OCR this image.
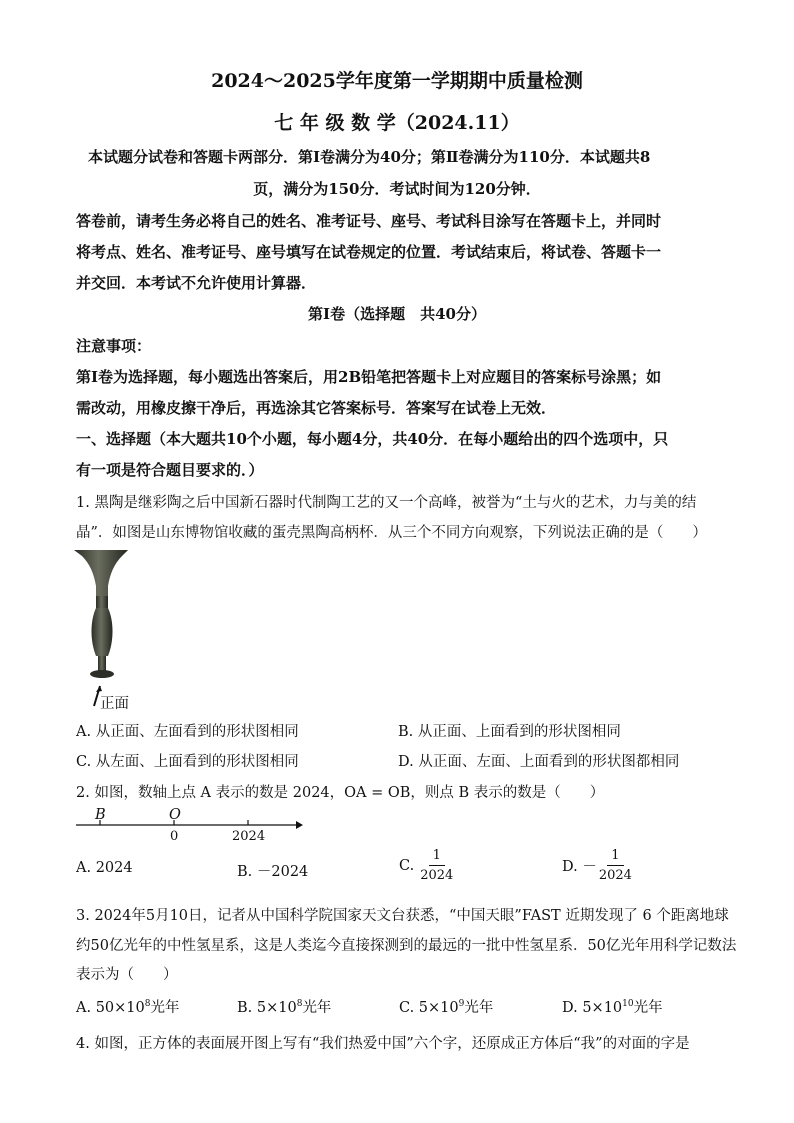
2024～2025学年度第一学期期中质量检测
七 年 级 数 学（2024.11）
本试题分试卷和答题卡两部分．第Ⅰ卷满分为40分；第Ⅱ卷满分为110分．本试题共8
页，满分为150分．考试时间为120分钟．
答卷前，请考生务必将自己的姓名、准考证号、座号、考试科目涂写在答题卡上，并同时
将考点、姓名、准考证号、座号填写在试卷规定的位置．考试结束后，将试卷、答题卡一
并交回．本考试不允许使用计算器．
第Ⅰ卷（选择题　共40分）
注意事项：
第Ⅰ卷为选择题，每小题选出答案后，用2B铅笔把答题卡上对应题目的答案标号涂黑；如
需改动，用橡皮擦干净后，再选涂其它答案标号．答案写在试卷上无效．
一、选择题（本大题共10个小题，每小题4分，共40分．在每小题给出的四个选项中，只
有一项是符合题目要求的．）
1. 黑陶是继彩陶之后中国新石器时代制陶工艺的又一个高峰，被誉为“土与火的艺术，力与美的结
晶”．如图是山东博物馆收藏的蛋壳黑陶高柄杯．从三个不同方向观察，下列说法正确的是（　　）
正面
A. 从正面、左面看到的形状图相同	B. 从正面、上面看到的形状图相同
C. 从左面、上面看到的形状图相同	D. 从正面、左面、上面看到的形状图都相同
2. 如图，数轴上点 A 表示的数是 2024，OA = OB，则点 B 表示的数是（　　）
B	O
0	2024
A. 2024	B. －2024	C. $\frac{1}{2024}$	D. － $\frac{1}{2024}$
3. 2024年5月10日，记者从中国科学院国家天文台获悉，“中国天眼”FAST 近期发现了 6 个距离地球
约50亿光年的中性氢星系，这是人类迄今直接探测到的最远的一批中性氢星系．50亿光年用科学记数法
表示为（　　）
A. $50\times 10^8$光年	B. $5\times 10^8$光年	C. $5\times 10^9$光年	D. $5\times 10^{10}$光年
4. 如图，正方体的表面展开图上写有“我们热爱中国”六个字，还原成正方体后“我”的对面的字是
